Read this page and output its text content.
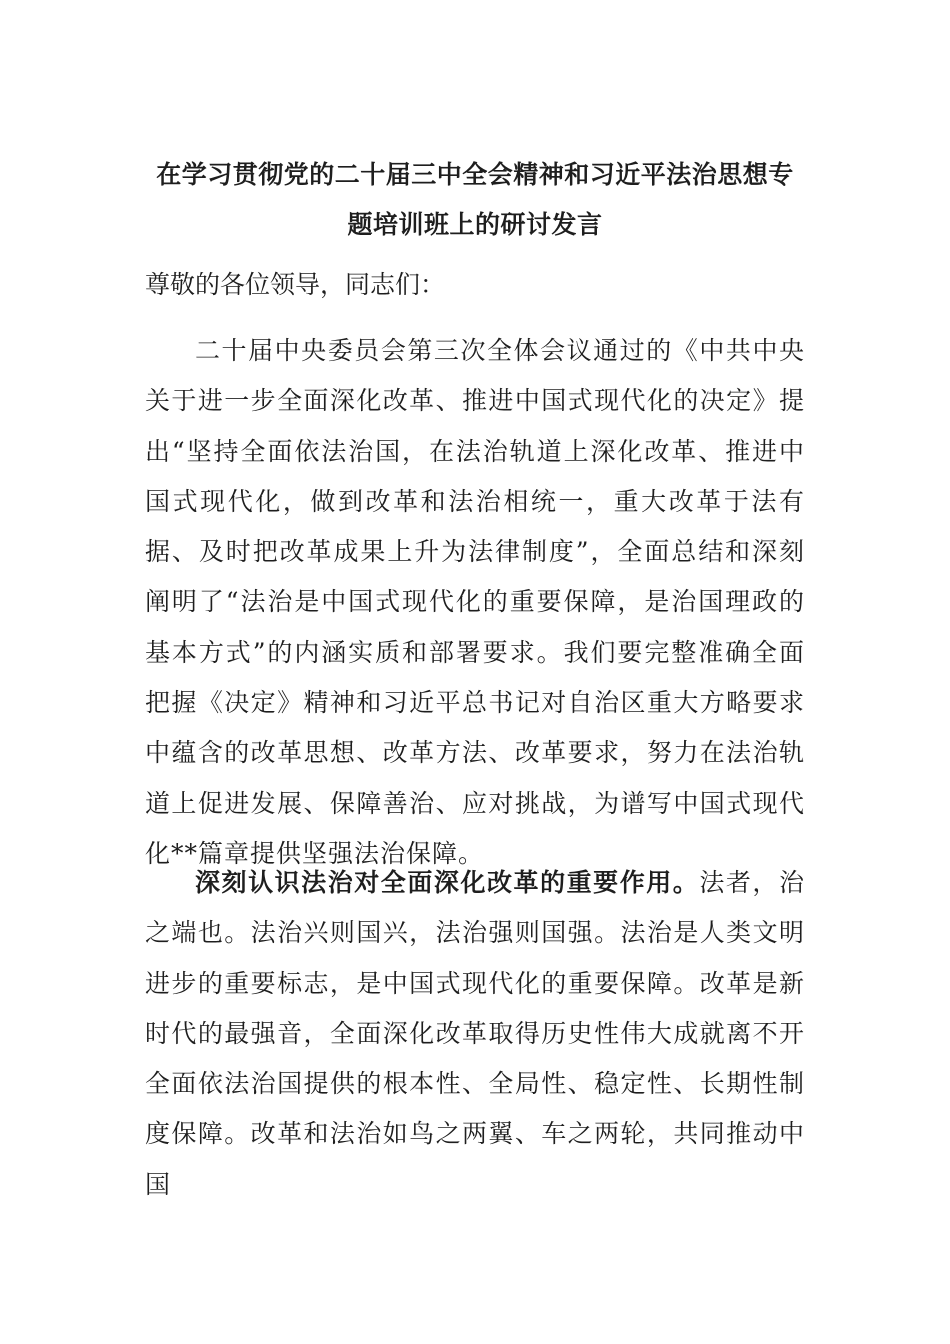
在学习贯彻党的二十届三中全会精神和习近平法治思想专题培训班上的研讨发言

尊敬的各位领导，同志们：

二十届中央委员会第三次全体会议通过的《中共中央关于进一步全面深化改革、推进中国式现代化的决定》提出“坚持全面依法治国，在法治轨道上深化改革、推进中国式现代化，做到改革和法治相统一，重大改革于法有据、及时把改革成果上升为法律制度”，全面总结和深刻阐明了“法治是中国式现代化的重要保障，是治国理政的基本方式”的内涵实质和部署要求。我们要完整准确全面把握《决定》精神和习近平总书记对自治区重大方略要求中蕴含的改革思想、改革方法、改革要求，努力在法治轨道上促进发展、保障善治、应对挑战，为谱写中国式现代化**篇章提供坚强法治保障。

深刻认识法治对全面深化改革的重要作用。法者，治之端也。法治兴则国兴，法治强则国强。法治是人类文明进步的重要标志，是中国式现代化的重要保障。改革是新时代的最强音，全面深化改革取得历史性伟大成就离不开全面依法治国提供的根本性、全局性、稳定性、长期性制度保障。改革和法治如鸟之两翼、车之两轮，共同推动中国
